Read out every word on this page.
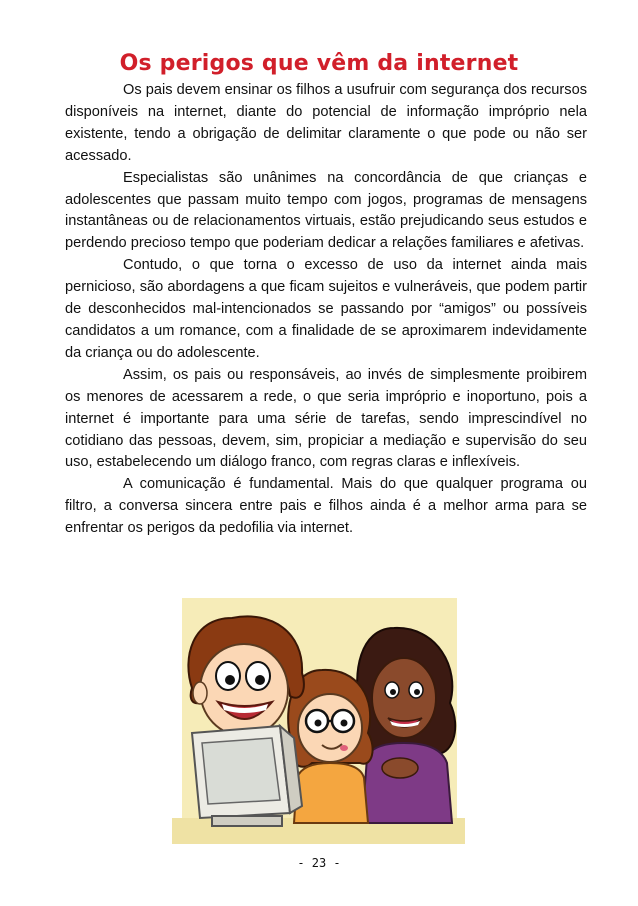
Os perigos que vêm da internet

Os pais devem ensinar os filhos a usufruir com segurança dos recursos disponíveis na internet, diante do potencial de informação impróprio nela existente, tendo a obrigação de delimitar claramente o que pode ou não ser acessado.

Especialistas são unânimes na concordância de que crianças e adolescentes que passam muito tempo com jogos, programas de mensagens instantâneas ou de relacionamentos virtuais, estão prejudicando seus estudos e perdendo precioso tempo que poderiam dedicar a relações familiares e afetivas.

Contudo, o que torna o excesso de uso da internet ainda mais pernicioso, são abordagens a que ficam sujeitos e vulneráveis, que podem partir de desconhecidos mal-intencionados se passando por “amigos” ou possíveis candidatos a um romance, com a finalidade de se aproximarem indevidamente da criança ou do adolescente.

Assim, os pais ou responsáveis, ao invés de simplesmente proibirem os menores de acessarem a rede, o que seria impróprio e inoportuno, pois a internet é importante para uma série de tarefas, sendo imprescindível no cotidiano das pessoas, devem, sim, propiciar a mediação e supervisão do seu uso, estabelecendo um diálogo franco, com regras claras e inflexíveis.

A comunicação é fundamental. Mais do que qualquer programa ou filtro, a conversa sincera entre pais e filhos ainda é a melhor arma para se enfrentar os perigos da pedofilia via internet.

- 23 -
